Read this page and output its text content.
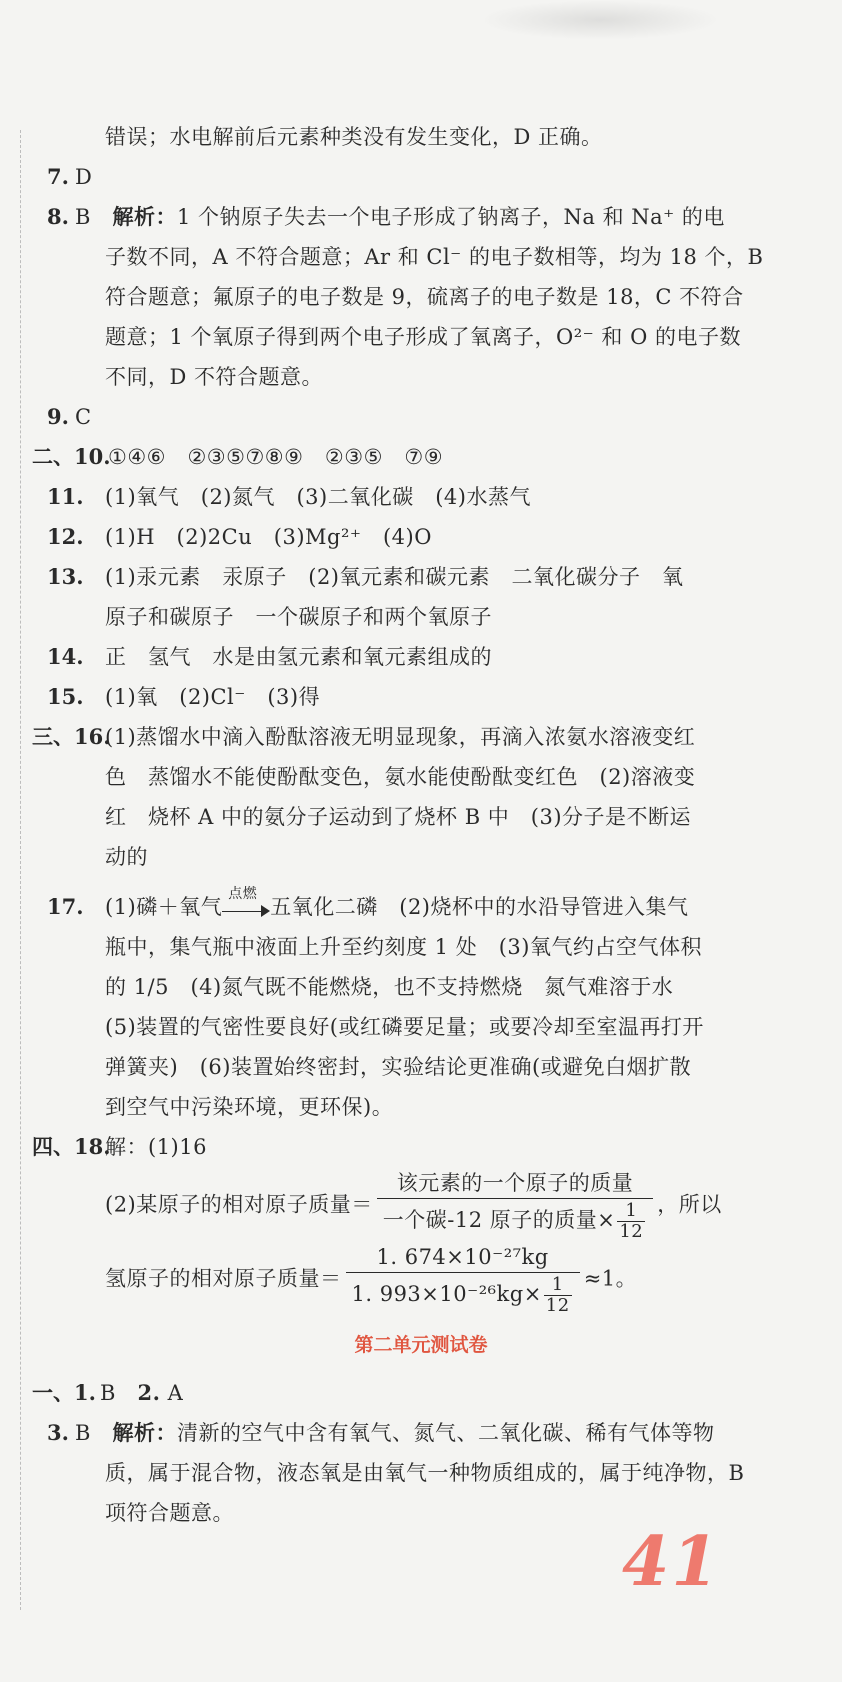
错误；水电解前后元素种类没有发生变化，D 正确。
7. D
8. B 解析：1 个钠原子失去一个电子形成了钠离子，Na 和 Na⁺ 的电
子数不同，A 不符合题意；Ar 和 Cl⁻ 的电子数相等，均为 18 个，B
符合题意；氟原子的电子数是 9，硫离子的电子数是 18，C 不符合
题意；1 个氧原子得到两个电子形成了氧离子，O²⁻ 和 O 的电子数
不同，D 不符合题意。
9. C
二、10.
①④⑥　②③⑤⑦⑧⑨　②③⑤　⑦⑨
11. (1)氧气　(2)氮气　(3)二氧化碳　(4)水蒸气
12. (1)H　(2)2Cu　(3)Mg²⁺　(4)O
13. (1)汞元素　汞原子　(2)氧元素和碳元素　二氧化碳分子　氧
原子和碳原子　一个碳原子和两个氧原子
14. 正　氢气　水是由氢元素和氧元素组成的
15. (1)氧　(2)Cl⁻　(3)得
三、16.
(1)蒸馏水中滴入酚酞溶液无明显现象，再滴入浓氨水溶液变红
色　蒸馏水不能使酚酞变色，氨水能使酚酞变红色　(2)溶液变
红　烧杯 A 中的氨分子运动到了烧杯 B 中　(3)分子是不断运
动的
17. (1)磷＋氧气
点燃
五氧化二磷　(2)烧杯中的水沿导管进入集气
瓶中，集气瓶中液面上升至约刻度 1 处　(3)氧气约占空气体积
的 1/5　(4)氮气既不能燃烧，也不支持燃烧　氮气难溶于水
(5)装置的气密性要良好(或红磷要足量；或要冷却至室温再打开
弹簧夹)　(6)装置始终密封，实验结论更准确(或避免白烟扩散
到空气中污染环境，更环保)。
四、18.
解：(1)16
(2)某原子的相对原子质量＝ $\frac{\text{该元素的一个原子的质量}}{一个碳-12 原子的质量\times \frac{1}{12}}$ ，所以
氢原子的相对原子质量＝ $\frac{\text{1. 674×10⁻²⁷kg}}{1. 993\times 10^{-26}kg\times \frac{1}{12}} \approx 1$。
第二单元测试卷
一、1. B 2. A
3. B 解析：清新的空气中含有氧气、氮气、二氧化碳、稀有气体等物
质，属于混合物，液态氧是由氧气一种物质组成的，属于纯净物，B
项符合题意。
41
